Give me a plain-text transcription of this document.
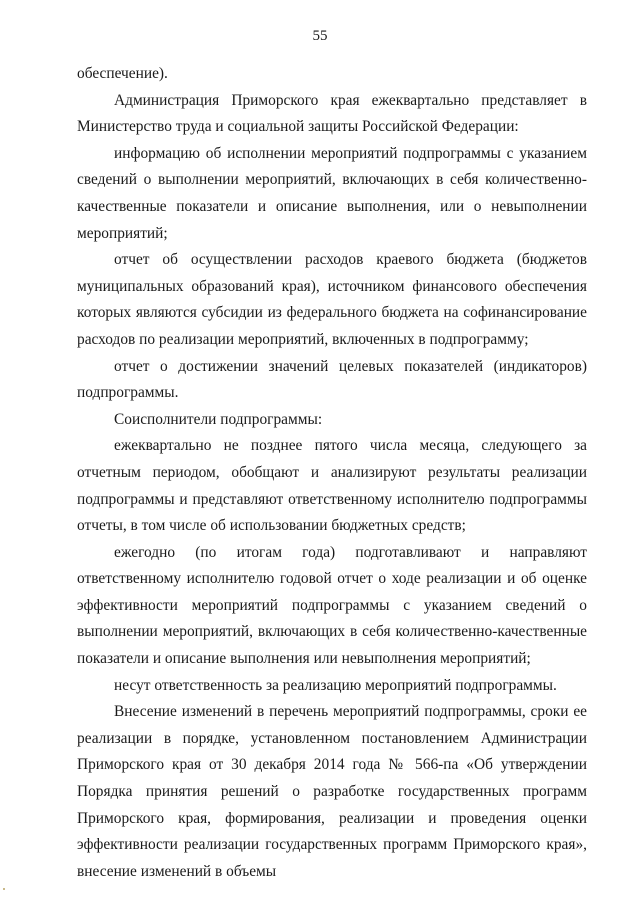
55

обеспечение).

Администрация Приморского края ежеквартально представляет в Министерство труда и социальной защиты Российской Федерации:

информацию об исполнении мероприятий подпрограммы с указанием сведений о выполнении мероприятий, включающих в себя количественно-качественные показатели и описание выполнения, или о невыполнении мероприятий;

отчет об осуществлении расходов краевого бюджета (бюджетов муниципальных образований края), источником финансового обеспечения которых являются субсидии из федерального бюджета на софинансирование расходов по реализации мероприятий, включенных в подпрограмму;

отчет о достижении значений целевых показателей (индикаторов) подпрограммы.

Соисполнители подпрограммы:

ежеквартально не позднее пятого числа месяца, следующего за отчетным периодом, обобщают и анализируют результаты реализации подпрограммы и представляют ответственному исполнителю подпрограммы отчеты, в том числе об использовании бюджетных средств;

ежегодно (по итогам года) подготавливают и направляют ответственному исполнителю годовой отчет о ходе реализации и об оценке эффективности мероприятий подпрограммы с указанием сведений о выполнении мероприятий, включающих в себя количественно-качественные показатели и описание выполнения или невыполнения мероприятий;

несут ответственность за реализацию мероприятий подпрограммы.

Внесение изменений в перечень мероприятий подпрограммы, сроки ее реализации в порядке, установленном постановлением Администрации Приморского края от 30 декабря 2014 года № 566-па «Об утверждении Порядка принятия решений о разработке государственных программ Приморского края, формирования, реализации и проведения оценки эффективности реализации государственных программ Приморского края», внесение изменений в объемы
